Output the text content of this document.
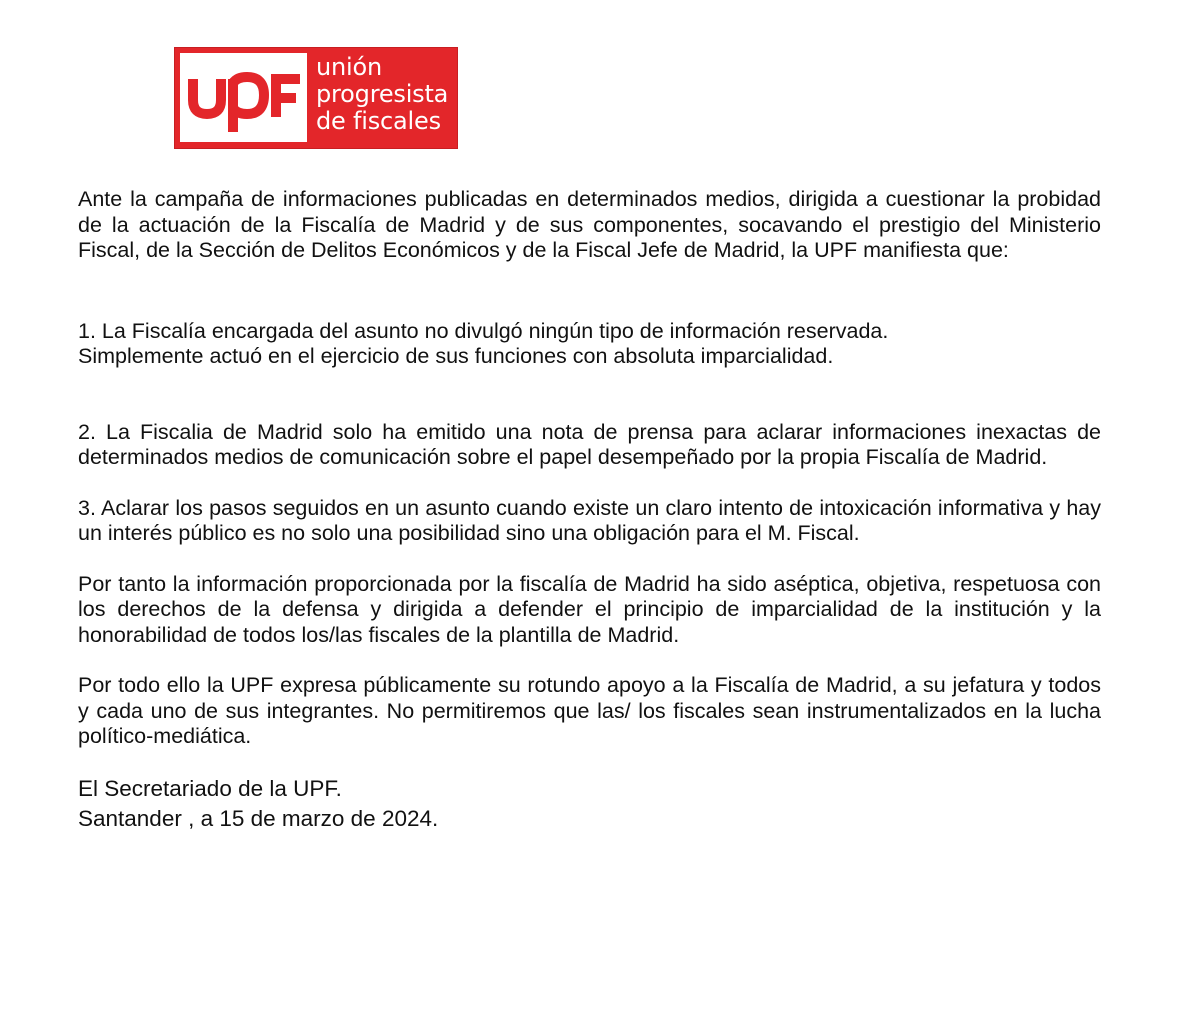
unión
progresista
de fiscales

Ante la campaña de informaciones publicadas en determinados medios, dirigida a cuestionar la probidad de la actuación de la Fiscalía de Madrid y de sus componentes, socavando el prestigio del Ministerio Fiscal, de la Sección de Delitos Económicos y de la Fiscal Jefe de Madrid, la UPF manifiesta que:

1. La Fiscalía encargada del asunto no divulgó ningún tipo de información reservada.
Simplemente actuó en el ejercicio de sus funciones con absoluta imparcialidad.

2. La Fiscalia de Madrid solo ha emitido una nota de prensa para aclarar informaciones inexactas de determinados medios de comunicación sobre el papel desempeñado por la propia Fiscalía de Madrid.

3. Aclarar los pasos seguidos en un asunto cuando existe un claro intento de intoxicación informativa y hay un interés público es no solo una posibilidad sino una obligación para el M. Fiscal.

Por tanto la información proporcionada por la fiscalía de Madrid ha sido aséptica, objetiva, respetuosa con los derechos de la defensa y dirigida a defender el principio de imparcialidad de la institución y la honorabilidad de todos los/las fiscales de la plantilla de Madrid.

Por todo ello la UPF expresa públicamente su rotundo apoyo a la Fiscalía de Madrid, a su jefatura y todos y cada uno de sus integrantes. No permitiremos que las/ los fiscales sean instrumentalizados en la lucha político-mediática.

El Secretariado de la UPF.
Santander , a 15 de marzo de 2024.
